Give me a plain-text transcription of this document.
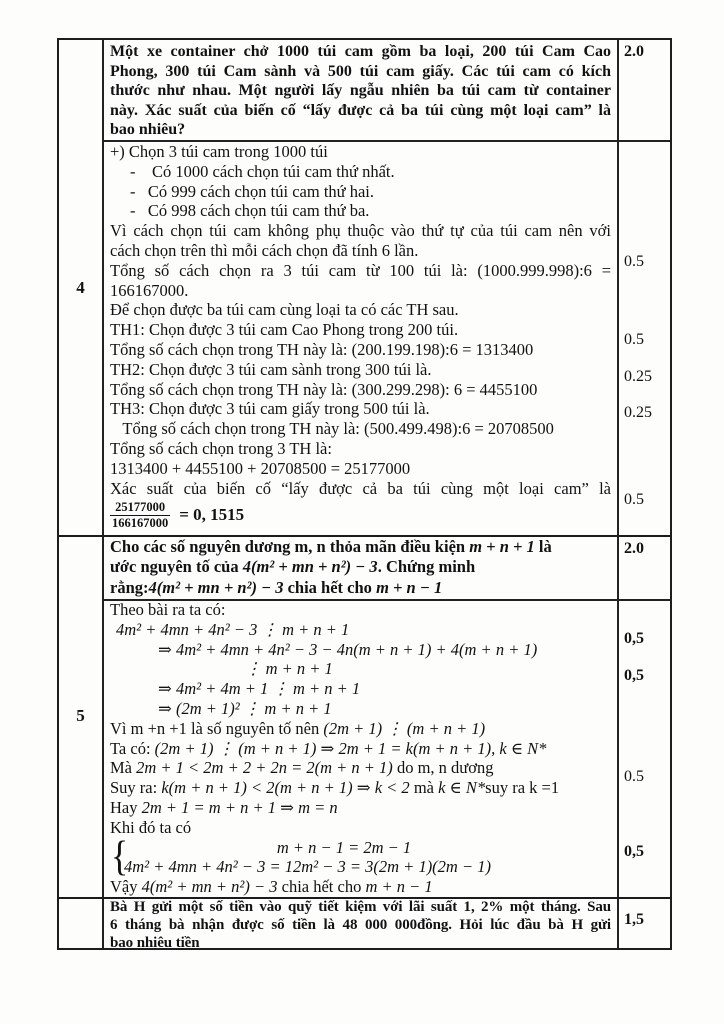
4
5
Một xe container chở 1000 túi cam gồm ba loại, 200 túi Cam Cao
Phong, 300 túi Cam sành và 500 túi cam giấy. Các túi cam có kích
thước như nhau. Một người lấy ngẫu nhiên ba túi cam từ container
này. Xác suất của biến cố “lấy được cả ba túi cùng một loại cam” là
bao nhiêu?
2.0
+) Chọn 3 túi cam trong 1000 túi
-    Có 1000 cách chọn túi cam thứ nhất.
-   Có 999 cách chọn túi cam thứ hai.
-   Có 998 cách chọn túi cam thứ ba.
Vì cách chọn túi cam không phụ thuộc vào thứ tự của túi cam nên với
cách chọn trên thì mỗi cách chọn đã tính 6 lần.
Tổng số cách chọn ra 3 túi cam từ 100 túi là: (1000.999.998):6 =
166167000.
Để chọn được ba túi cam cùng loại ta có các TH sau.
TH1: Chọn được 3 túi cam Cao Phong trong 200 túi.
Tổng số cách chọn trong TH này là: (200.199.198):6 = 1313400
TH2: Chọn được 3 túi cam sành trong 300 túi là.
Tổng số cách chọn trong TH này là: (300.299.298): 6 = 4455100
TH3: Chọn được 3 túi cam giấy trong 500 túi là.
Tổng số cách chọn trong TH này là: (500.499.498):6 = 20708500
Tổng số cách chọn trong 3 TH là:
1313400 + 4455100 + 20708500 = 25177000
Xác suất của biến cố “lấy được cả ba túi cùng một loại cam” là
$\frac{25177000}{166167000} = 0$, 1515
0.5
0.5
0.25
0.25
0.5
Cho các số nguyên dương m, n thỏa mãn điều kiện m + n + 1 là
ước nguyên tố của 4(m² + mn + n²) − 3. Chứng minh
rằng:4(m² + mn + n²) − 3 chia hết cho m + n − 1
2.0
Theo bài ra ta có:
4m² + 4mn + 4n² − 3 ⋮ m + n + 1
⇒ 4m² + 4mn + 4n² − 3 − 4n(m + n + 1) + 4(m + n + 1)
⋮ m + n + 1
⇒ 4m² + 4m + 1 ⋮ m + n + 1
⇒ (2m + 1)² ⋮ m + n + 1
Vì m +n +1 là số nguyên tố nên (2m + 1) ⋮ (m + n + 1)
Ta có: (2m + 1) ⋮ (m + n + 1) ⇒ 2m + 1 = k(m + n + 1), k ∈ N*
Mà 2m + 1 < 2m + 2 + 2n = 2(m + n + 1) do m, n dương
Suy ra: k(m + n + 1) < 2(m + n + 1) ⇒ k < 2 mà k ∈ N*suy ra k =1
Hay 2m + 1 = m + n + 1 ⇒ m = n
Khi đó ta có
{	m + n − 1 = 2m − 1
4m² + 4mn + 4n² − 3 = 12m² − 3 = 3(2m + 1)(2m − 1)
Vậy 4(m² + mn + n²) − 3 chia hết cho m + n − 1
0,5
0,5
0.5
0,5
Bà H gửi một số tiền vào quỹ tiết kiệm với lãi suất 1, 2% một tháng. Sau
6 tháng bà nhận được số tiền là 48 000 000đồng. Hỏi lúc đầu bà H gửi
bao nhiêu tiền
1,5
